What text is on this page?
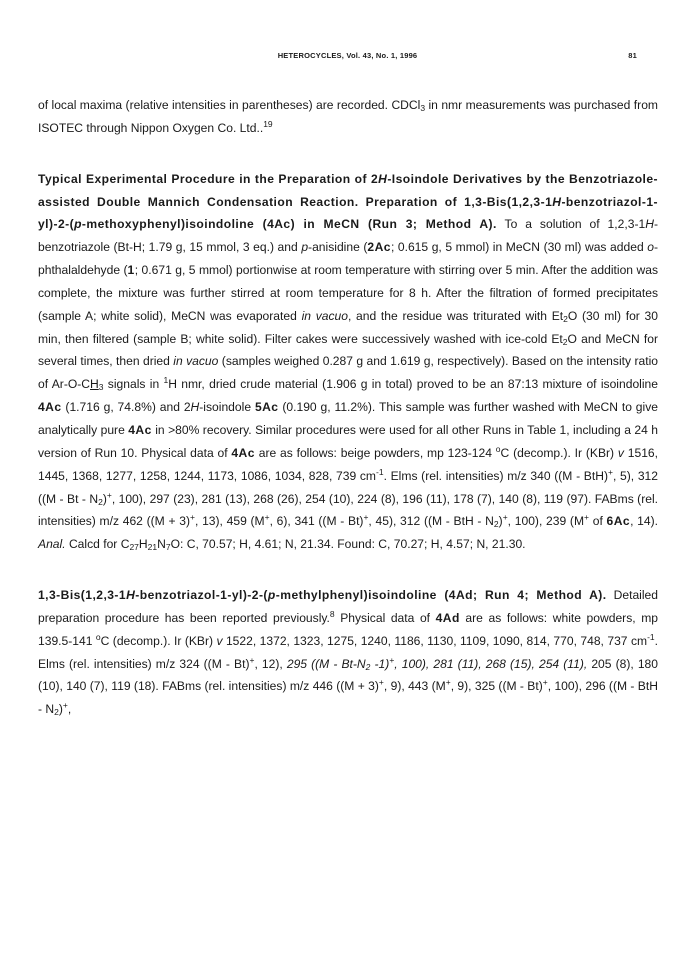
HETEROCYCLES, Vol. 43, No. 1, 1996	81

of local maxima (relative intensities in parentheses) are recorded. CDCl$_3$ in nmr measurements was purchased from ISOTEC through Nippon Oxygen Co. Ltd..$^{19}$

Typical Experimental Procedure in the Preparation of 2H-Isoindole Derivatives by the Benzotriazole-assisted Double Mannich Condensation Reaction. Preparation of 1,3-Bis(1,2,3-1H-benzotriazol-1-yl)-2-(p-methoxyphenyl)isoindoline (4Ac) in MeCN (Run 3; Method A). To a solution of 1,2,3-1H-benzotriazole (Bt-H; 1.79 g, 15 mmol, 3 eq.) and p-anisidine (2Ac; 0.615 g, 5 mmol) in MeCN (30 ml) was added o-phthalaldehyde (1; 0.671 g, 5 mmol) portionwise at room temperature with stirring over 5 min. After the addition was complete, the mixture was further stirred at room temperature for 8 h. After the filtration of formed precipitates (sample A; white solid), MeCN was evaporated in vacuo, and the residue was triturated with $Et_2O$ (30 ml) for 30 min, then filtered (sample B; white solid). Filter cakes were successively washed with ice-cold $Et_2O$ and MeCN for several times, then dried in vacuo (samples weighed 0.287 g and 1.619 g, respectively). Based on the intensity ratio of $Ar-O-CH_3$ signals in $^1$H nmr, dried crude material (1.906 g in total) proved to be an 87:13 mixture of isoindoline 4Ac (1.716 g, 74.8%) and 2H-isoindole 5Ac (0.190 g, 11.2%). This sample was further washed with MeCN to give analytically pure 4Ac in >80% recovery. Similar procedures were used for all other Runs in Table 1, including a 24 h version of Run 10. Physical data of 4Ac are as follows: beige powders, mp 123-124 $^o$C (decomp.). Ir (KBr) v 1516, 1445, 1368, 1277, 1258, 1244, 1173, 1086, 1034, 828, 739 $cm^{-1}$. Elms (rel. intensities) m/z 340 ((M - BtH)+, 5), 312 ((M - Bt - $N_2)^+$, 100), 297 (23), 281 (13), 268 (26), 254 (10), 224 (8), 196 (11), 178 (7), 140 (8), 119 (97). FABms (rel. intensities) m/z 462 ((M + 3)+, 13), 459 (M+, 6), 341 ((M - Bt)+, 45), 312 ((M - BtH - $N_2)^+$, 100), 239 (M+ of 6Ac, 14). Anal. Calcd for $C_{27}H_{21}N_7O$: C, 70.57; H, 4.61; N, 21.34. Found: C, 70.27; H, 4.57; N, 21.30.

1,3-Bis(1,2,3-1H-benzotriazol-1-yl)-2-(p-methylphenyl)isoindoline (4Ad; Run 4; Method A). Detailed preparation procedure has been reported previously.$^8$ Physical data of 4Ad are as follows: white powders, mp 139.5-141 $^o$C (decomp.). Ir (KBr) v 1522, 1372, 1323, 1275, 1240, 1186, 1130, 1109, 1090, 814, 770, 748, 737 $cm^{-1}$. Elms (rel. intensities) m/z 324 ((M - Bt)+, 12), 295 (($M - Bt-N_2$ -1)+, 100), 281 (11), 268 (15), 254 (11), 205 (8), 180 (10), 140 (7), 119 (18). FABms (rel. intensities) m/z 446 ((M + 3)+, 9), 443 (M+, 9), 325 ((M - Bt)+, 100), 296 ((M - BtH - $N_2)^+$,
